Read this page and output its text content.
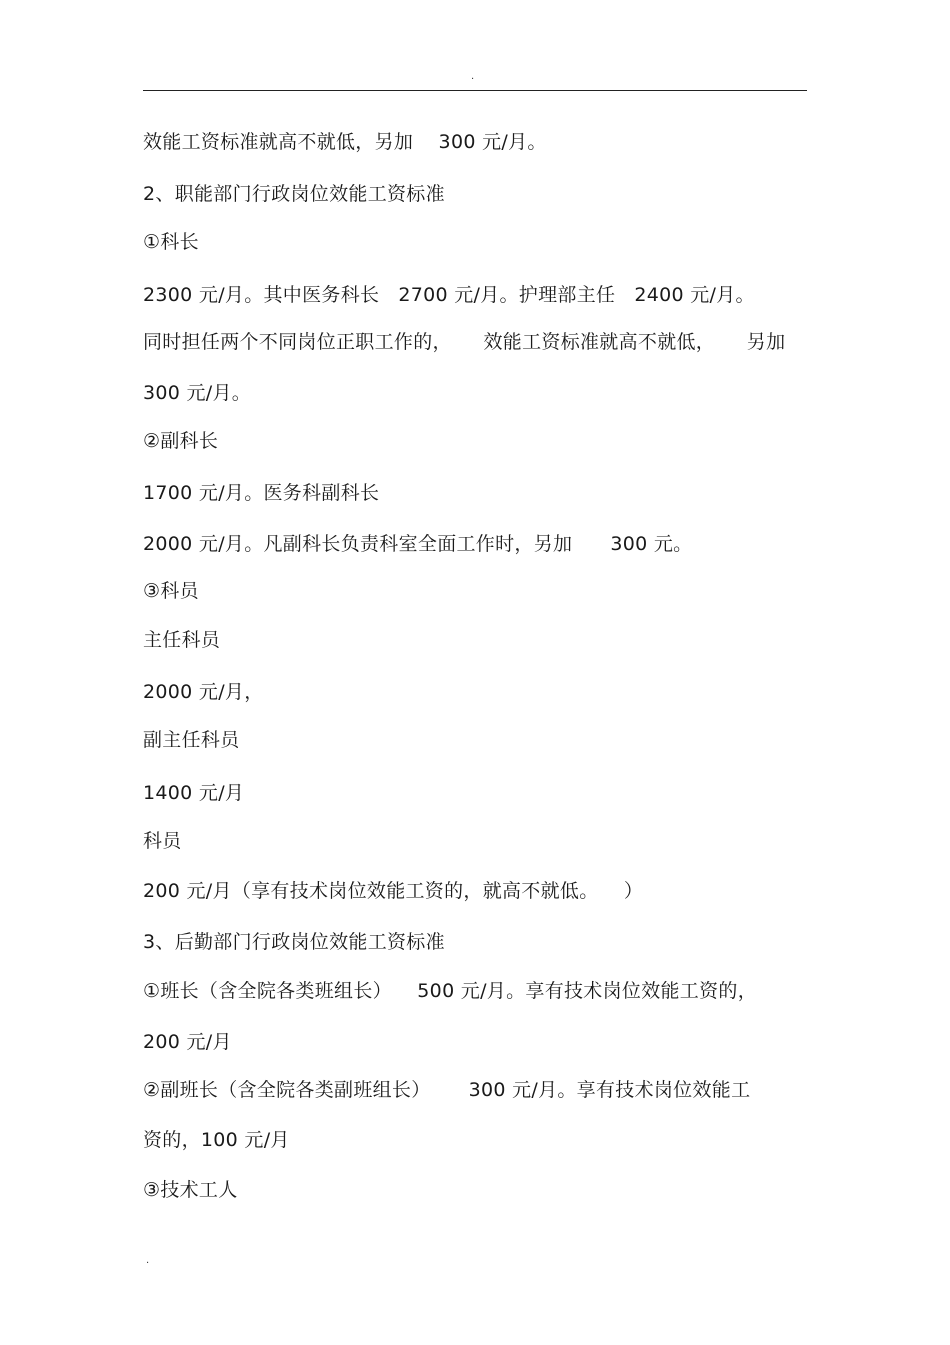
.
效能工资标准就高不就低，另加    300 元/月。
2、职能部门行政岗位效能工资标准
①科长
2300 元/月。其中医务科长   2700 元/月。护理部主任   2400 元/月。
同时担任两个不同岗位正职工作的，     效能工资标准就高不就低，     另加
300 元/月。
②副科长
1700 元/月。医务科副科长
2000 元/月。凡副科长负责科室全面工作时，另加      300 元。
③科员
主任科员
2000 元/月，
副主任科员
1400 元/月
科员
200 元/月（享有技术岗位效能工资的，就高不就低。    ）
3、后勤部门行政岗位效能工资标准
①班长（含全院各类班组长）    500 元/月。享有技术岗位效能工资的，
200 元/月
②副班长（含全院各类副班组长）      300 元/月。享有技术岗位效能工
资的，100 元/月
③技术工人
.
